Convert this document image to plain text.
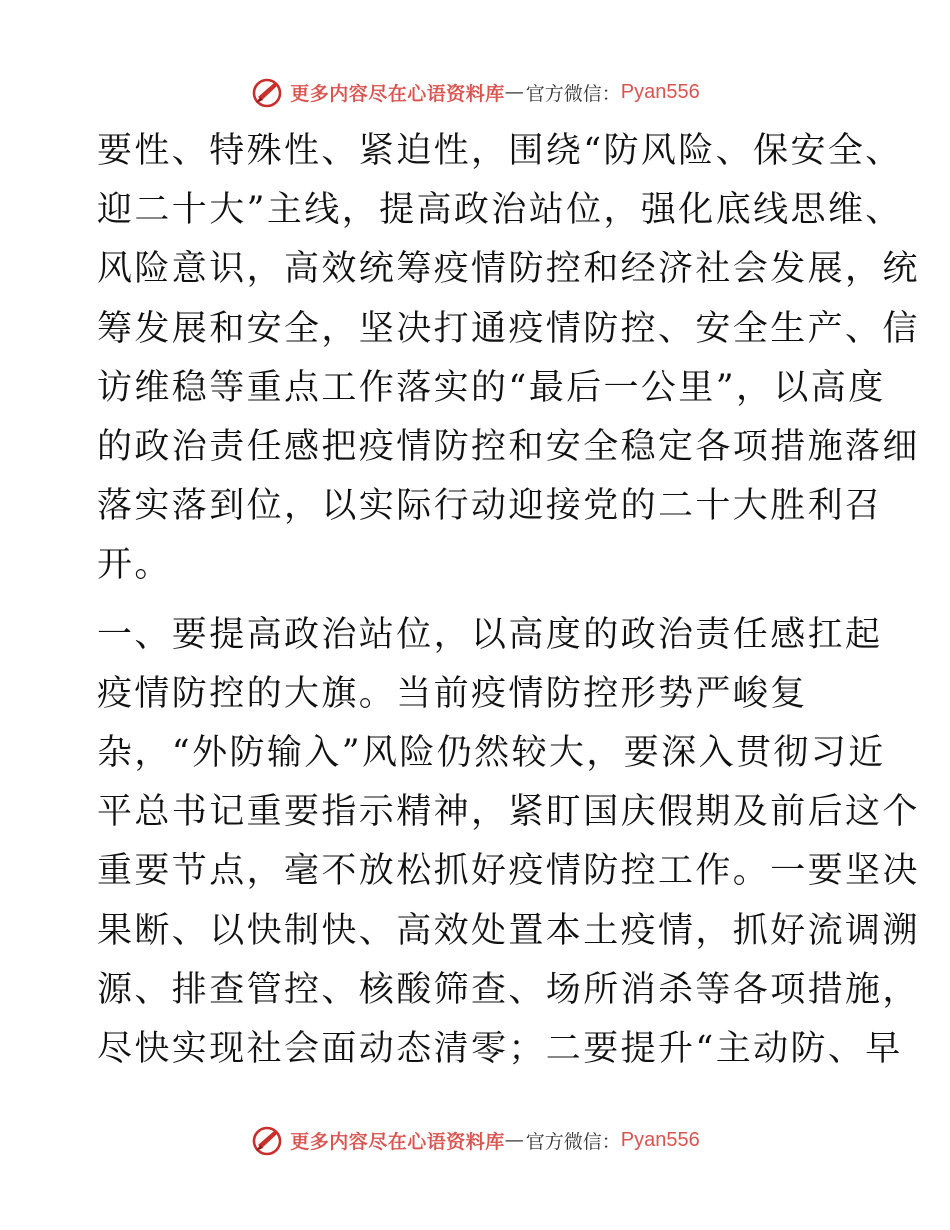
更多内容尽在心语资料库 — 官方微信： Pyan556

要性、特殊性、紧迫性，围绕“防风险、保安全、
迎二十大”主线，提高政治站位，强化底线思维、
风险意识，高效统筹疫情防控和经济社会发展，统
筹发展和安全，坚决打通疫情防控、安全生产、信
访维稳等重点工作落实的“最后一公里”，以高度
的政治责任感把疫情防控和安全稳定各项措施落细
落实落到位，以实际行动迎接党的二十大胜利召
开。

一、要提高政治站位，以高度的政治责任感扛起
疫情防控的大旗。当前疫情防控形势严峻复
杂，“外防输入”风险仍然较大，要深入贯彻习近
平总书记重要指示精神，紧盯国庆假期及前后这个
重要节点，毫不放松抓好疫情防控工作。一要坚决
果断、以快制快、高效处置本土疫情，抓好流调溯
源、排查管控、核酸筛查、场所消杀等各项措施，
尽快实现社会面动态清零；二要提升“主动防、早

更多内容尽在心语资料库 — 官方微信： Pyan556
